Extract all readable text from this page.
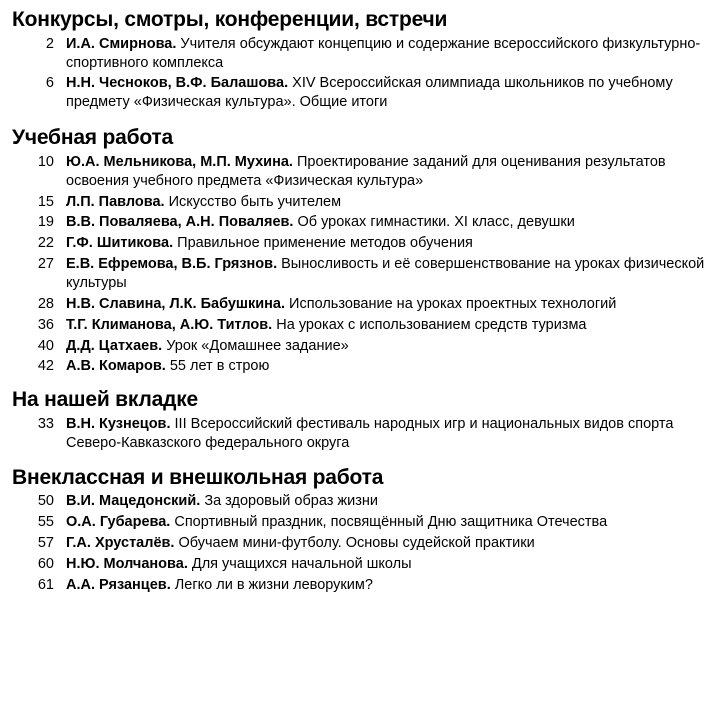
Конкурсы, смотры, конференции, встречи
2 И.А. Смирнова. Учителя обсуждают концепцию и содержание всероссийского физкультурно-спортивного комплекса
6 Н.Н. Чесноков, В.Ф. Балашова. XIV Всероссийская олимпиада школьников по учебному предмету «Физическая культура». Общие итоги
Учебная работа
10 Ю.А. Мельникова, М.П. Мухина. Проектирование заданий для оценивания результатов освоения учебного предмета «Физическая культура»
15 Л.П. Павлова. Искусство быть учителем
19 В.В. Поваляева, А.Н. Поваляев. Об уроках гимнастики. XI класс, девушки
22 Г.Ф. Шитикова. Правильное применение методов обучения
27 Е.В. Ефремова, В.Б. Грязнов. Выносливость и её совершенствование на уроках физической культуры
28 Н.В. Славина, Л.К. Бабушкина. Использование на уроках проектных технологий
36 Т.Г. Климанова, А.Ю. Титлов. На уроках с использованием средств туризма
40 Д.Д. Цатхаев. Урок «Домашнее задание»
42 А.В. Комаров. 55 лет в строю
На нашей вкладке
33 В.Н. Кузнецов. III Всероссийский фестиваль народных игр и национальных видов спорта Северо-Кавказского федерального округа
Внеклассная и внешкольная работа
50 В.И. Мацедонский. За здоровый образ жизни
55 О.А. Губарева. Спортивный праздник, посвящённый Дню защитника Отечества
57 Г.А. Хрусталёв. Обучаем мини-футболу. Основы судейской практики
60 Н.Ю. Молчанова. Для учащихся начальной школы
61 А.А. Рязанцев. Легко ли в жизни леворуким?
